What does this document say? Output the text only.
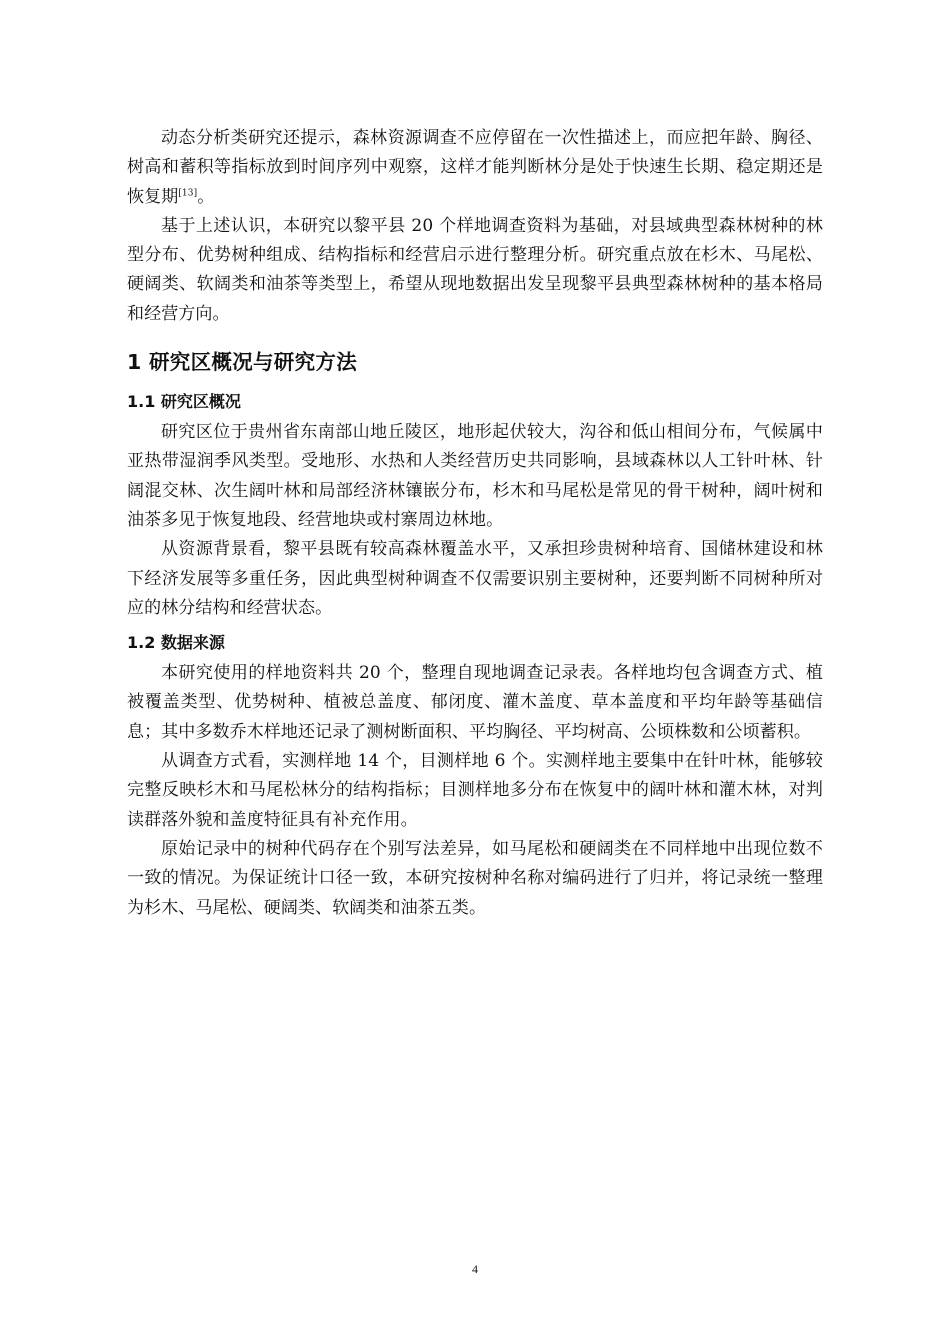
动态分析类研究还提示，森林资源调查不应停留在一次性描述上，而应把年龄、胸径、树高和蓄积等指标放到时间序列中观察，这样才能判断林分是处于快速生长期、稳定期还是恢复期[13]。

基于上述认识，本研究以黎平县 20 个样地调查资料为基础，对县域典型森林树种的林型分布、优势树种组成、结构指标和经营启示进行整理分析。研究重点放在杉木、马尾松、硬阔类、软阔类和油茶等类型上，希望从现地数据出发呈现黎平县典型森林树种的基本格局和经营方向。

1 研究区概况与研究方法
1.1 研究区概况

研究区位于贵州省东南部山地丘陵区，地形起伏较大，沟谷和低山相间分布，气候属中亚热带湿润季风类型。受地形、水热和人类经营历史共同影响，县域森林以人工针叶林、针阔混交林、次生阔叶林和局部经济林镶嵌分布，杉木和马尾松是常见的骨干树种，阔叶树和油茶多见于恢复地段、经营地块或村寨周边林地。

从资源背景看，黎平县既有较高森林覆盖水平，又承担珍贵树种培育、国储林建设和林下经济发展等多重任务，因此典型树种调查不仅需要识别主要树种，还要判断不同树种所对应的林分结构和经营状态。

1.2 数据来源

本研究使用的样地资料共 20 个，整理自现地调查记录表。各样地均包含调查方式、植被覆盖类型、优势树种、植被总盖度、郁闭度、灌木盖度、草本盖度和平均年龄等基础信息；其中多数乔木样地还记录了测树断面积、平均胸径、平均树高、公顷株数和公顷蓄积。

从调查方式看，实测样地 14 个，目测样地 6 个。实测样地主要集中在针叶林，能够较完整反映杉木和马尾松林分的结构指标；目测样地多分布在恢复中的阔叶林和灌木林，对判读群落外貌和盖度特征具有补充作用。

原始记录中的树种代码存在个别写法差异，如马尾松和硬阔类在不同样地中出现位数不一致的情况。为保证统计口径一致，本研究按树种名称对编码进行了归并，将记录统一整理为杉木、马尾松、硬阔类、软阔类和油茶五类。

4
